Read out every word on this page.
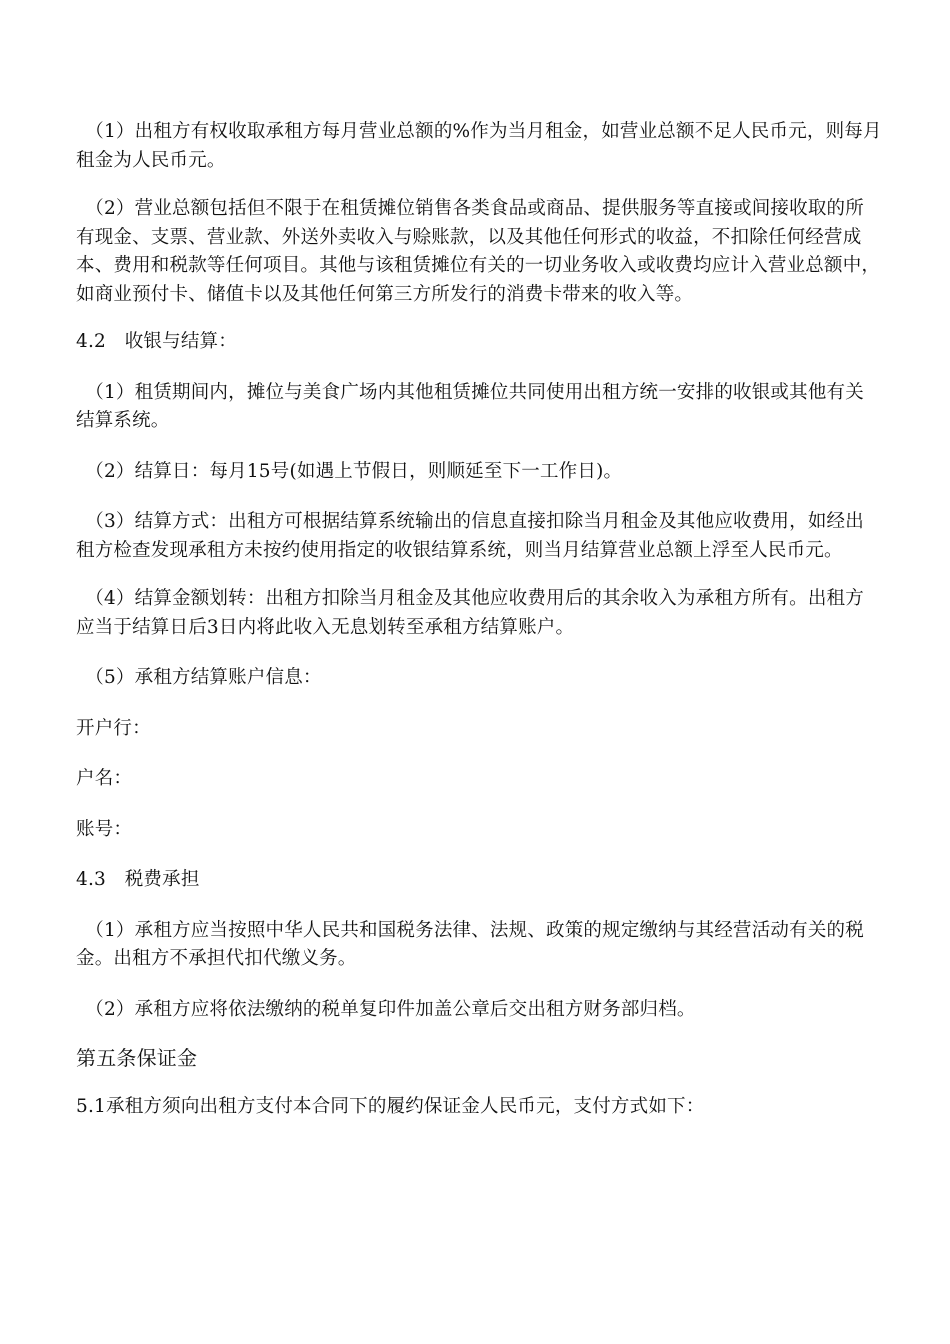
（1）出租方有权收取承租方每月营业总额的%作为当月租金，如营业总额不足人民币元，则每月租金为人民币元。

（2）营业总额包括但不限于在租赁摊位销售各类食品或商品、提供服务等直接或间接收取的所有现金、支票、营业款、外送外卖收入与赊账款，以及其他任何形式的收益，不扣除任何经营成本、费用和税款等任何项目。其他与该租赁摊位有关的一切业务收入或收费均应计入营业总额中，如商业预付卡、储值卡以及其他任何第三方所发行的消费卡带来的收入等。

4.2　收银与结算：

（1）租赁期间内，摊位与美食广场内其他租赁摊位共同使用出租方统一安排的收银或其他有关结算系统。

（2）结算日：每月15号(如遇上节假日，则顺延至下一工作日)。

（3）结算方式：出租方可根据结算系统输出的信息直接扣除当月租金及其他应收费用，如经出租方检查发现承租方未按约使用指定的收银结算系统，则当月结算营业总额上浮至人民币元。

（4）结算金额划转：出租方扣除当月租金及其他应收费用后的其余收入为承租方所有。出租方应当于结算日后3日内将此收入无息划转至承租方结算账户。

（5）承租方结算账户信息：

开户行：

户名：

账号：

4.3　税费承担

（1）承租方应当按照中华人民共和国税务法律、法规、政策的规定缴纳与其经营活动有关的税金。出租方不承担代扣代缴义务。

（2）承租方应将依法缴纳的税单复印件加盖公章后交出租方财务部归档。

第五条保证金

5.1承租方须向出租方支付本合同下的履约保证金人民币元，支付方式如下：
